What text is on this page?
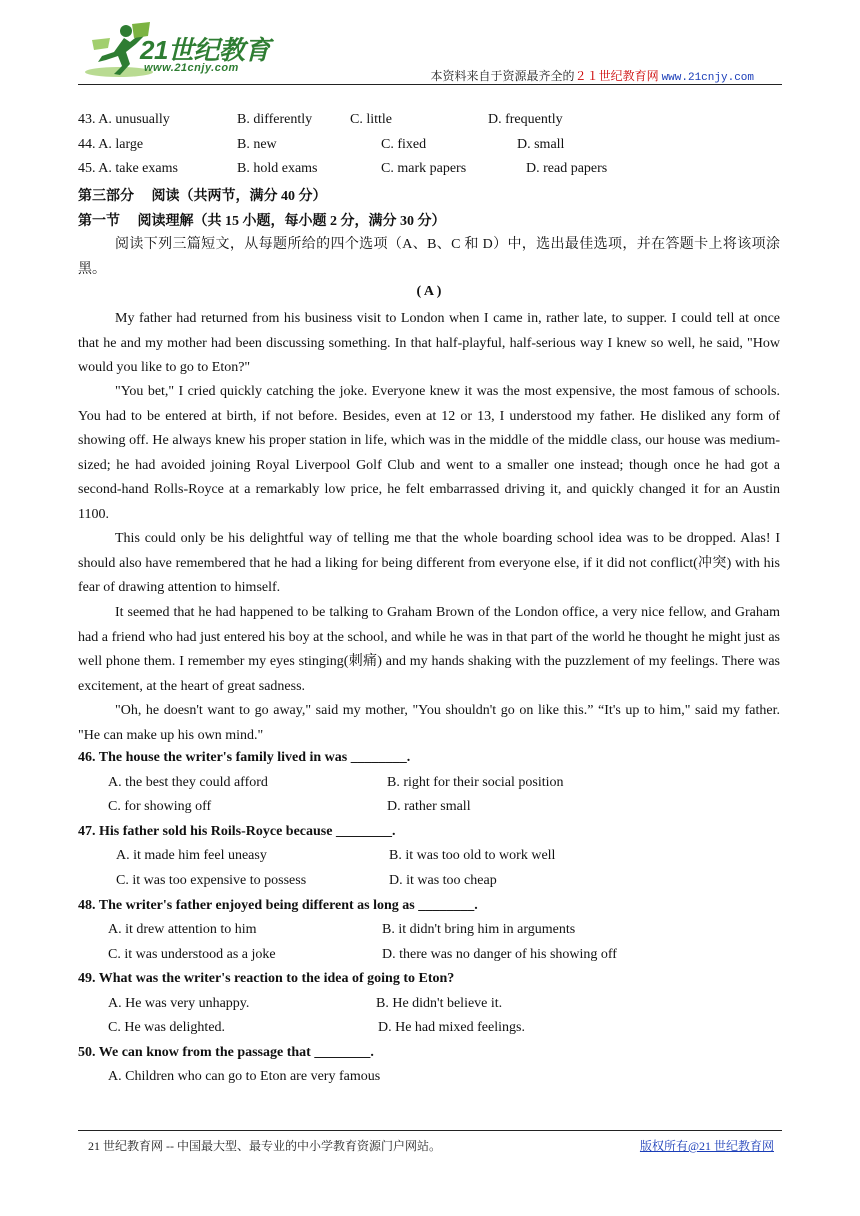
21世纪教育
www.21cnjy.com
本资料来自于资源最齐全的２１世纪教育网 www.21cnjy.com
43. A. unusually	B. differently	C. little	D. frequently
44. A. large	B. new	C. fixed	D. small
45. A. take exams	B. hold exams	C. mark papers	D. read papers
第三部分　 阅读（共两节，满分 40 分）
第一节　 阅读理解（共 15 小题，每小题 2 分，满分 30 分）
阅读下列三篇短文，从每题所给的四个选项（A、B、C 和 D）中，选出最佳选项，并在答题卡上将该项涂黑。
( A )
My father had returned from his business visit to London when I came in, rather late, to supper. I could tell at once that he and my mother had been discussing something. In that half-playful, half-serious way I knew so well, he said, "How would you like to go to Eton?"
"You bet," I cried quickly catching the joke. Everyone knew it was the most expensive, the most famous of schools. You had to be entered at birth, if not before. Besides, even at 12 or 13, I understood my father. He disliked any form of showing off. He always knew his proper station in life, which was in the middle of the middle class, our house was medium-sized; he had avoided joining Royal Liverpool Golf Club and went to a smaller one instead; though once he had got a second-hand Rolls-Royce at a remarkably low price, he felt embarrassed driving it, and quickly changed it for an Austin 1100.
This could only be his delightful way of telling me that the whole boarding school idea was to be dropped. Alas! I should also have remembered that he had a liking for being different from everyone else, if it did not conflict(冲突) with his fear of drawing attention to himself.
It seemed that he had happened to be talking to Graham Brown of the London office, a very nice fellow, and Graham had a friend who had just entered his boy at the school, and while he was in that part of the world he thought he might just as well phone them. I remember my eyes stinging(刺痛) and my hands shaking with the puzzlement of my feelings. There was excitement, at the heart of great sadness.
"Oh, he doesn't want to go away," said my mother, "You shouldn't go on like this.” “It's up to him," said my father. "He can make up his own mind."
46. The house the writer's family lived in was ________.
A. the best they could afford	B. right for their social position
C. for showing off	D. rather small
47. His father sold his Roils-Royce because ________.
A. it made him feel uneasy	B. it was too old to work well
C. it was too expensive to possess	D. it was too cheap
48. The writer's father enjoyed being different as long as ________.
A. it drew attention to him	B. it didn't bring him in arguments
C. it was understood as a joke	D. there was no danger of his showing off
49. What was the writer's reaction to the idea of going to Eton?
A. He was very unhappy.	B. He didn't believe it.
C. He was delighted.	D. He had mixed feelings.
50. We can know from the passage that ________.
A. Children who can go to Eton are very famous
21 世纪教育网 -- 中国最大型、最专业的中小学教育资源门户网站。	版权所有@21 世纪教育网
